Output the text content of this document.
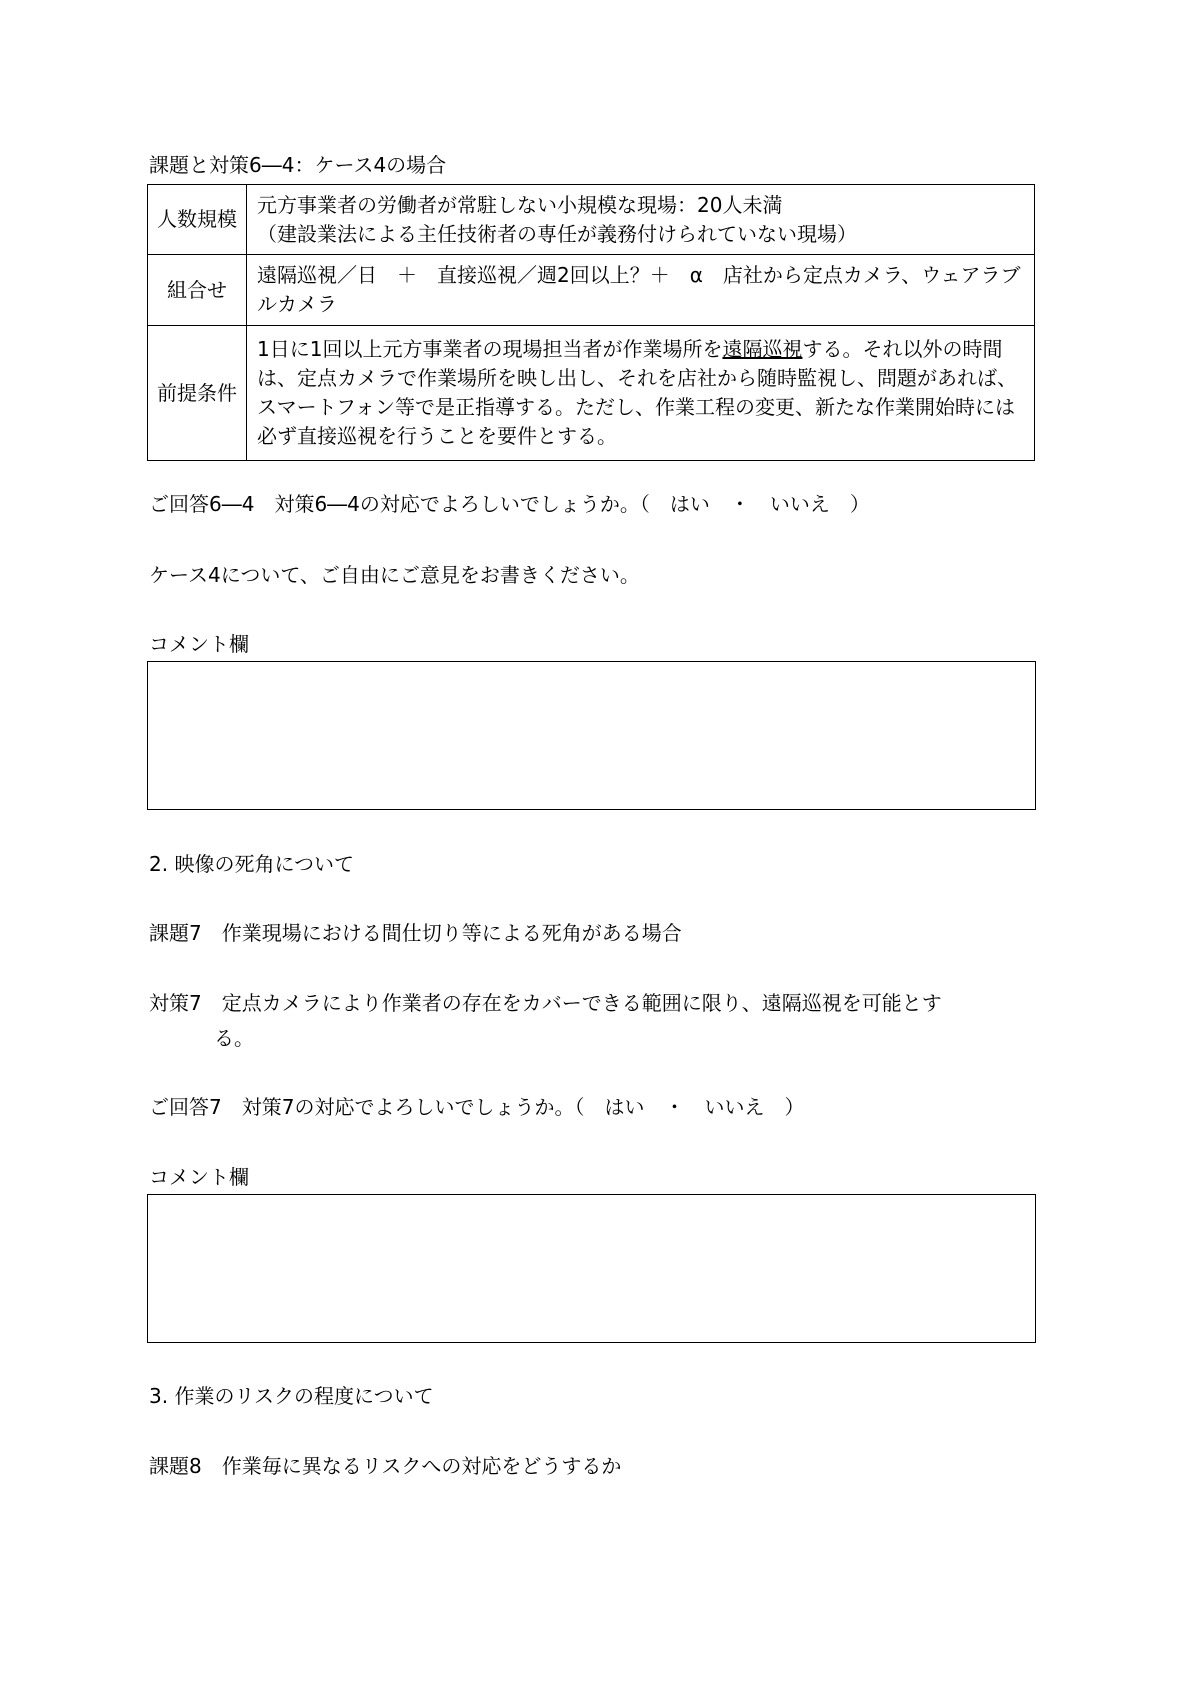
課題と対策6―4：ケース4の場合
人数規模	元方事業者の労働者が常駐しない小規模な現場：20人未満
（建設業法による主任技術者の専任が義務付けられていない現場）

組合せ	遠隔巡視／日　＋　直接巡視／週2回以上？＋　α　店社から定点カメラ、ウェアラブルカメラ
前提条件	1日に1回以上元方事業者の現場担当者が作業場所を遠隔巡視する。それ以外の時間は、定点カメラで作業場所を映し出し、それを店社から随時監視し、問題があれば、スマートフォン等で是正指導する。ただし、作業工程の変更、新たな作業開始時には必ず直接巡視を行うことを要件とする。
ご回答6―4　対策6―4の対応でよろしいでしょうか。（　はい　・　いいえ　）
ケース4について、ご自由にご意見をお書きください。
コメント欄
2. 映像の死角について
課題7　作業現場における間仕切り等による死角がある場合
対策7　定点カメラにより作業者の存在をカバーできる範囲に限り、遠隔巡視を可能とす
る。
ご回答7　対策7の対応でよろしいでしょうか。（　はい　・　いいえ　）
コメント欄
3. 作業のリスクの程度について
課題8　作業毎に異なるリスクへの対応をどうするか
